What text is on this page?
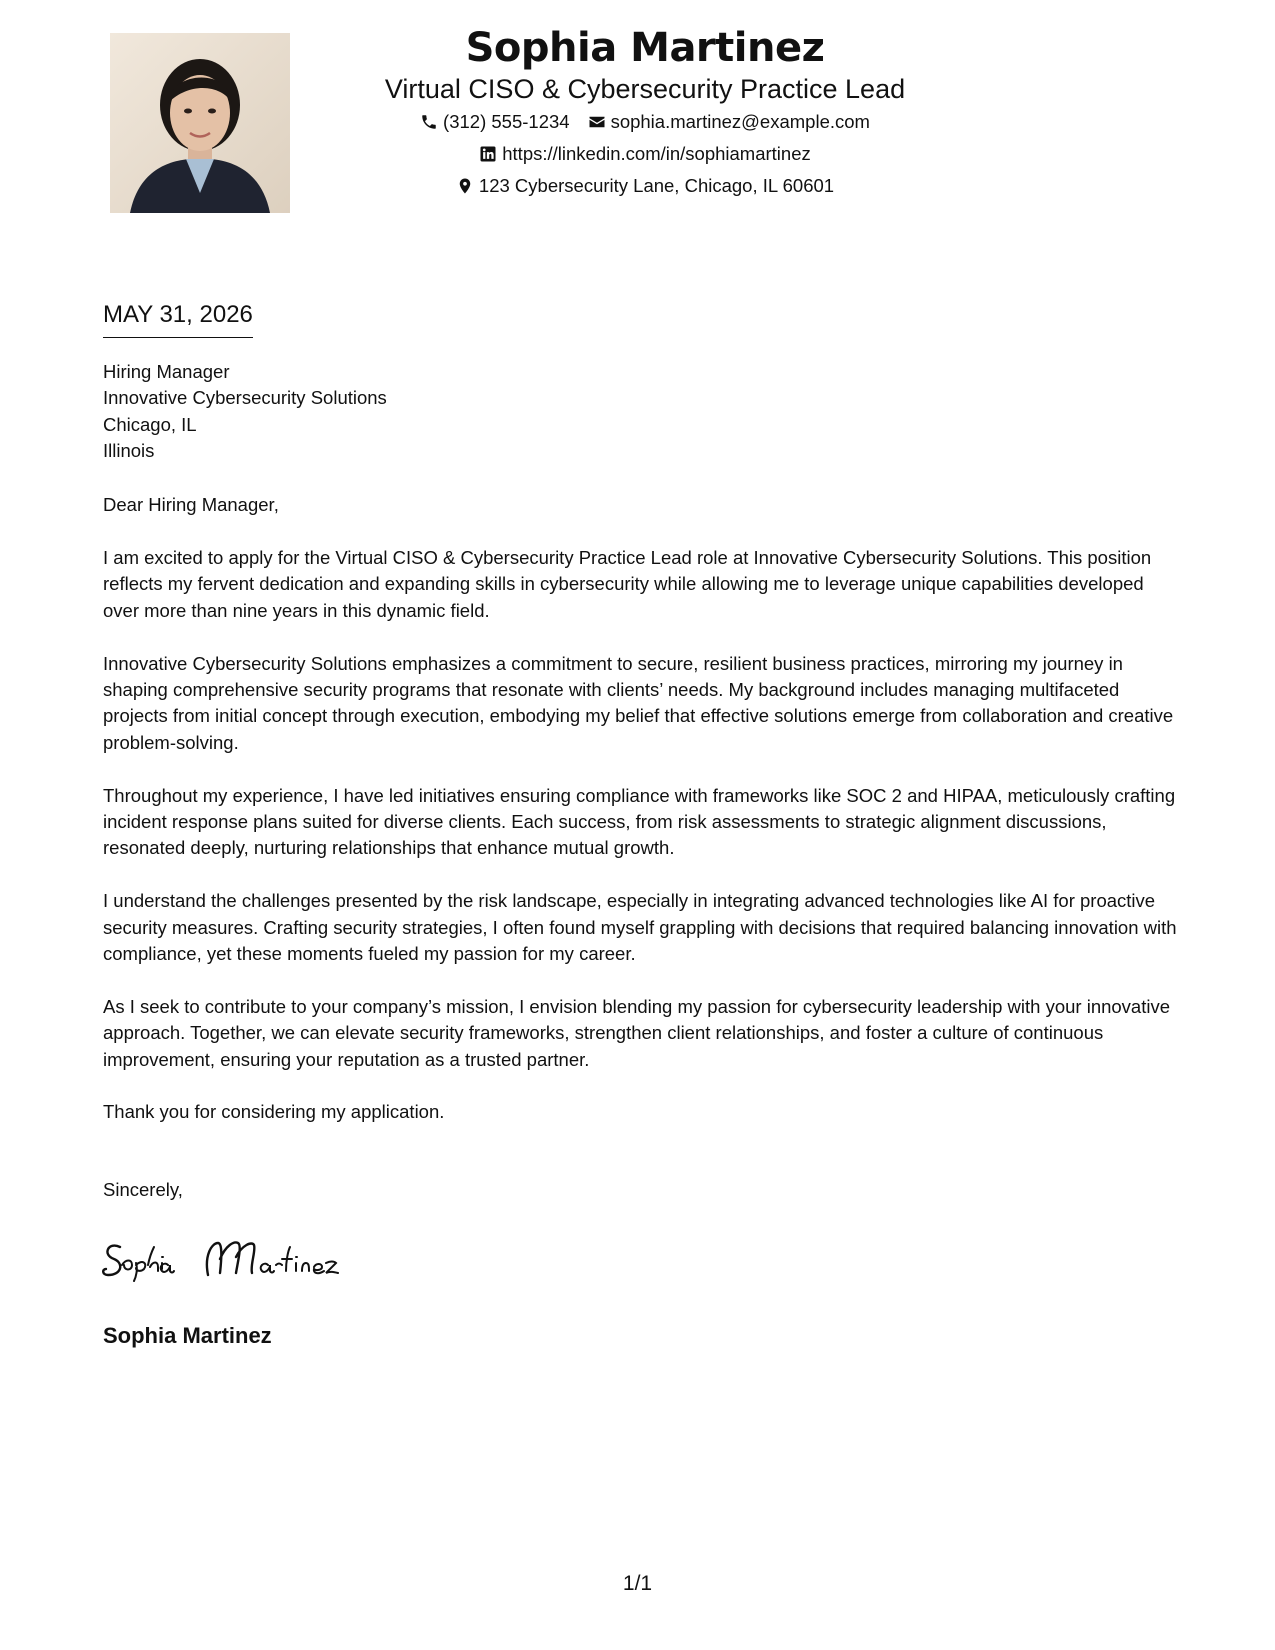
Sophia Martinez
Virtual CISO & Cybersecurity Practice Lead
(312) 555-1234 sophia.martinez@example.com
https://linkedin.com/in/sophiamartinez
123 Cybersecurity Lane, Chicago, IL 60601
MAY 31, 2026
Hiring Manager
Innovative Cybersecurity Solutions
Chicago, IL
Illinois
Dear Hiring Manager,

I am excited to apply for the Virtual CISO & Cybersecurity Practice Lead role at Innovative Cybersecurity Solutions. This position reflects my fervent dedication and expanding skills in cybersecurity while allowing me to leverage unique capabilities developed over more than nine years in this dynamic field.

Innovative Cybersecurity Solutions emphasizes a commitment to secure, resilient business practices, mirroring my journey in shaping comprehensive security programs that resonate with clients’ needs. My background includes managing multifaceted projects from initial concept through execution, embodying my belief that effective solutions emerge from collaboration and creative problem-solving.

Throughout my experience, I have led initiatives ensuring compliance with frameworks like SOC 2 and HIPAA, meticulously crafting incident response plans suited for diverse clients. Each success, from risk assessments to strategic alignment discussions, resonated deeply, nurturing relationships that enhance mutual growth.

I understand the challenges presented by the risk landscape, especially in integrating advanced technologies like AI for proactive security measures. Crafting security strategies, I often found myself grappling with decisions that required balancing innovation with compliance, yet these moments fueled my passion for my career.

As I seek to contribute to your company’s mission, I envision blending my passion for cybersecurity leadership with your innovative approach. Together, we can elevate security frameworks, strengthen client relationships, and foster a culture of continuous improvement, ensuring your reputation as a trusted partner.

Thank you for considering my application.

Sincerely,
Sophia Martinez
1/1
